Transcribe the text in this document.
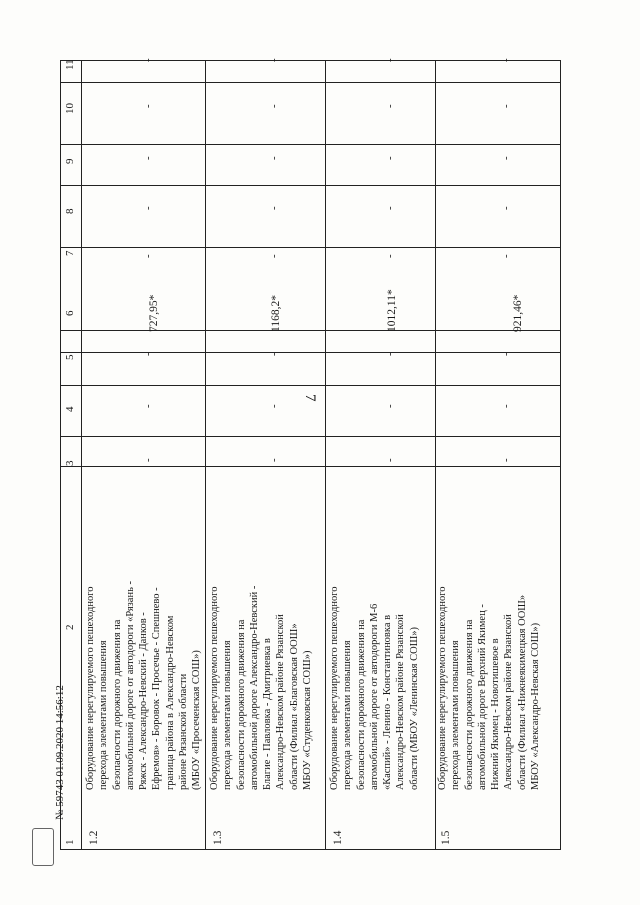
7
1
2
3
4
5
6
7
8
9
10
11
1.2
Оборудование нерегулируемого пешеходного
перехода элементами повышения
безопасности дорожного движения на
автомобильной дороге от автодороги «Рязань -
Ряжск - Александро-Невский - Данков -
Ефремов» - Боровок - Просечье - Спешнево -
граница района в Александро-Невском
районе Рязанской области
(МБОУ «Просеченская СОШ»)
727,95*
1.3
Оборудование нерегулируемого пешеходного
перехода элементами повышения
безопасности дорожного движения на
автомобильной дороге Александро-Невский -
Благие - Павловка - Дмитриевка в
Александро-Невском районе Рязанской
области (Филиал «Благовская ООШ»
МБОУ «Студенковская СОШ»)
1168,2*
1.4
Оборудование нерегулируемого пешеходного
перехода элементами повышения
безопасности дорожного движения на
автомобильной дороге от автодороги М-6
«Каспий» - Ленино - Константиновка в
Александро-Невском районе Рязанской
области (МБОУ «Ленинская СОШ»)
1012,11*
1.5
Оборудование нерегулируемого пешеходного
перехода элементами повышения
безопасности дорожного движения на
автомобильной дороге Верхний Якимец -
Нижний Якимец - Новотишевое в
Александро-Невском районе Рязанской
области (Филиал «Нижнеякимецкая ООШ»
МБОУ «Александро-Невская СОШ»)
921,46*
-
-
-
-
-
-
-
-
-
-
-
-
-
-
-
-
-
-
-
-
-
-
-
-
-
-
-
-
-
-
-
-
№ 59743 01.09.2020 14:56:12
